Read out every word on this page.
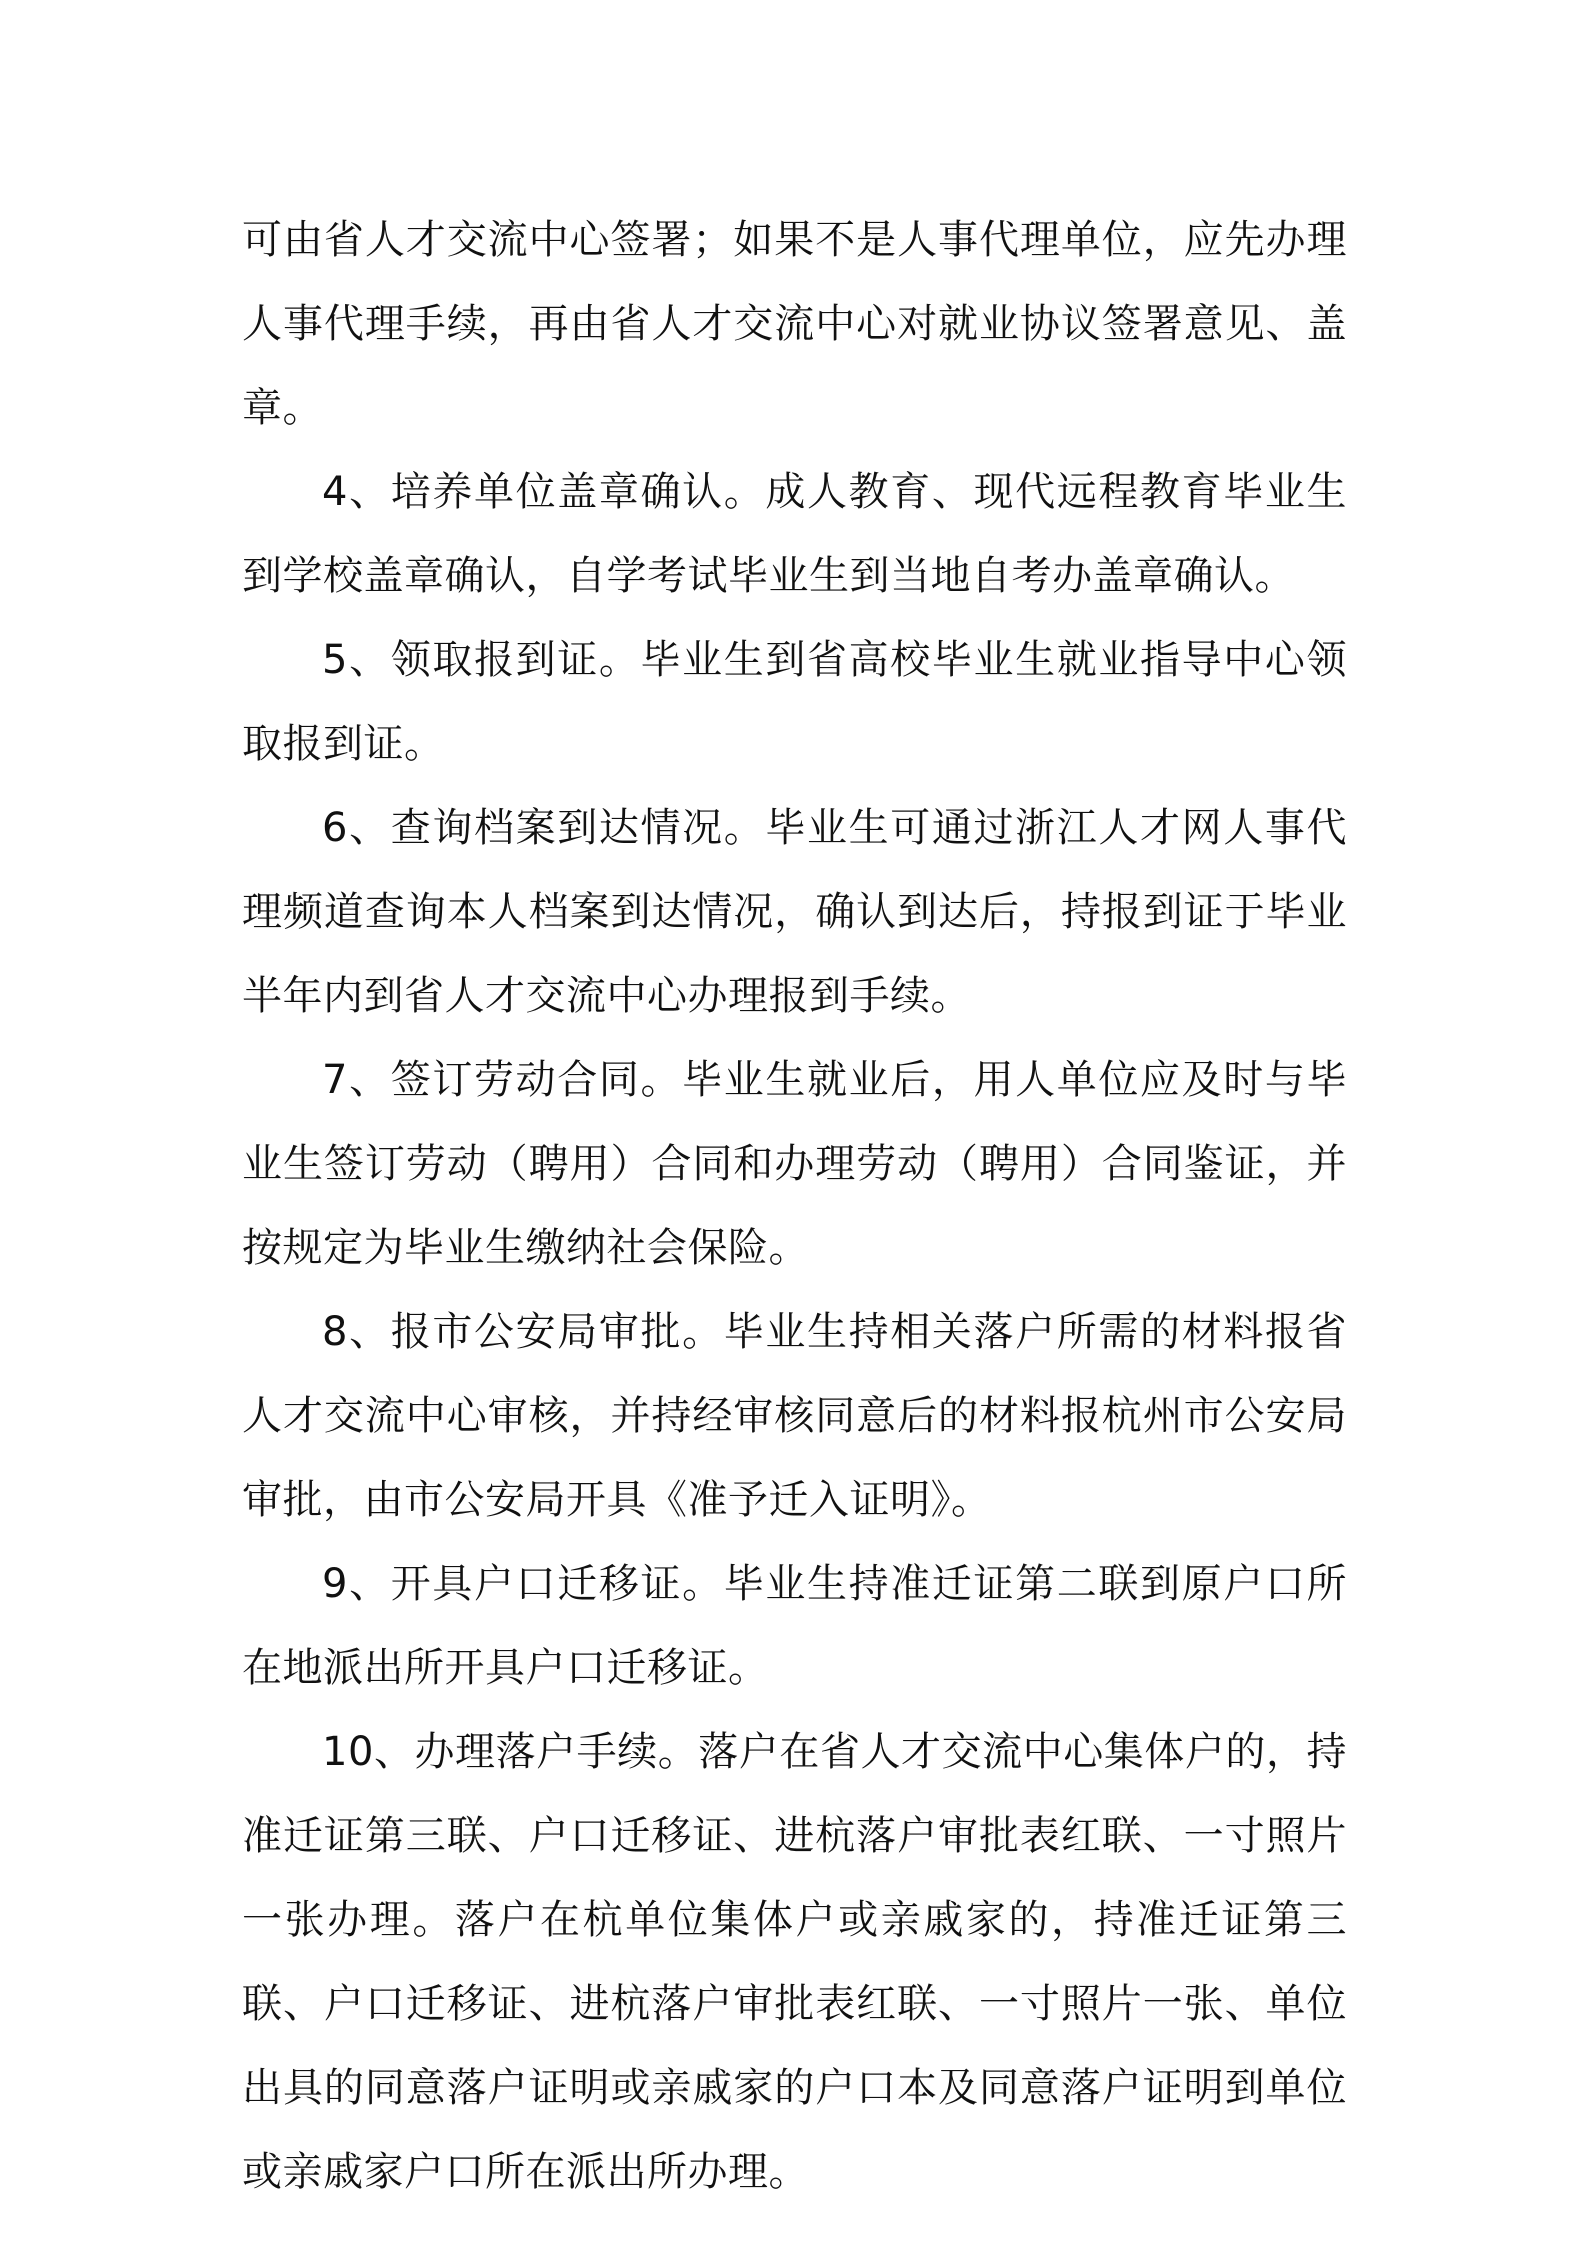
可由省人才交流中心签署；如果不是人事代理单位，应先办理人事代理手续，再由省人才交流中心对就业协议签署意见、盖章。

4、培养单位盖章确认。成人教育、现代远程教育毕业生到学校盖章确认，自学考试毕业生到当地自考办盖章确认。

5、领取报到证。毕业生到省高校毕业生就业指导中心领取报到证。

6、查询档案到达情况。毕业生可通过浙江人才网人事代理频道查询本人档案到达情况，确认到达后，持报到证于毕业半年内到省人才交流中心办理报到手续。

7、签订劳动合同。毕业生就业后，用人单位应及时与毕业生签订劳动（聘用）合同和办理劳动（聘用）合同鉴证，并按规定为毕业生缴纳社会保险。

8、报市公安局审批。毕业生持相关落户所需的材料报省人才交流中心审核，并持经审核同意后的材料报杭州市公安局审批，由市公安局开具《准予迁入证明》。

9、开具户口迁移证。毕业生持准迁证第二联到原户口所在地派出所开具户口迁移证。

10、办理落户手续。落户在省人才交流中心集体户的，持准迁证第三联、户口迁移证、进杭落户审批表红联、一寸照片一张办理。落户在杭单位集体户或亲戚家的，持准迁证第三联、户口迁移证、进杭落户审批表红联、一寸照片一张、单位出具的同意落户证明或亲戚家的户口本及同意落户证明到单位或亲戚家户口所在派出所办理。
